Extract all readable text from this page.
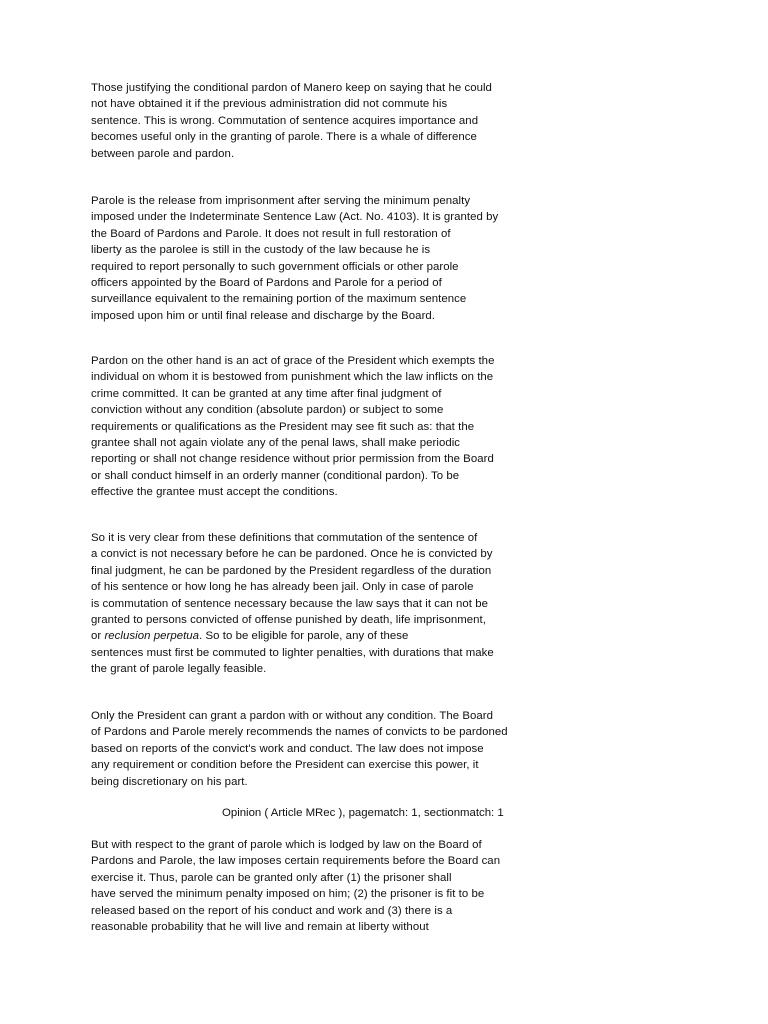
Those justifying the conditional pardon of Manero keep on saying that he could
not have obtained it if the previous administration did not commute his
sentence. This is wrong. Commutation of sentence acquires importance and
becomes useful only in the granting of parole. There is a whale of difference
between parole and pardon.
Parole is the release from imprisonment after serving the minimum penalty
imposed under the Indeterminate Sentence Law (Act. No. 4103). It is granted by
the Board of Pardons and Parole. It does not result in full restoration of
liberty as the parolee is still in the custody of the law because he is
required to report personally to such government officials or other parole
officers appointed by the Board of Pardons and Parole for a period of
surveillance equivalent to the remaining portion of the maximum sentence
imposed upon him or until final release and discharge by the Board.
Pardon on the other hand is an act of grace of the President which exempts the
individual on whom it is bestowed from punishment which the law inflicts on the
crime committed. It can be granted at any time after final judgment of
conviction without any condition (absolute pardon) or subject to some
requirements or qualifications as the President may see fit such as: that the
grantee shall not again violate any of the penal laws, shall make periodic
reporting or shall not change residence without prior permission from the Board
or shall conduct himself in an orderly manner (conditional pardon). To be
effective the grantee must accept the conditions.
So it is very clear from these definitions that commutation of the sentence of
a convict is not necessary before he can be pardoned. Once he is convicted by
final judgment, he can be pardoned by the President regardless of the duration
of his sentence or how long he has already been jail. Only in case of parole
is commutation of sentence necessary because the law says that it can not be
granted to persons convicted of offense punished by death, life imprisonment,
or reclusion perpetua. So to be eligible for parole, any of these
sentences must first be commuted to lighter penalties, with durations that make
the grant of parole legally feasible.
Only the President can grant a pardon with or without any condition. The Board
of Pardons and Parole merely recommends the names of convicts to be pardoned
based on reports of the convict's work and conduct. The law does not impose
any requirement or condition before the President can exercise this power, it
being discretionary on his part.

Opinion ( Article MRec ), pagematch: 1, sectionmatch: 1

But with respect to the grant of parole which is lodged by law on the Board of
Pardons and Parole, the law imposes certain requirements before the Board can
exercise it. Thus, parole can be granted only after (1) the prisoner shall
have served the minimum penalty imposed on him; (2) the prisoner is fit to be
released based on the report of his conduct and work and (3) there is a
reasonable probability that he will live and remain at liberty without
